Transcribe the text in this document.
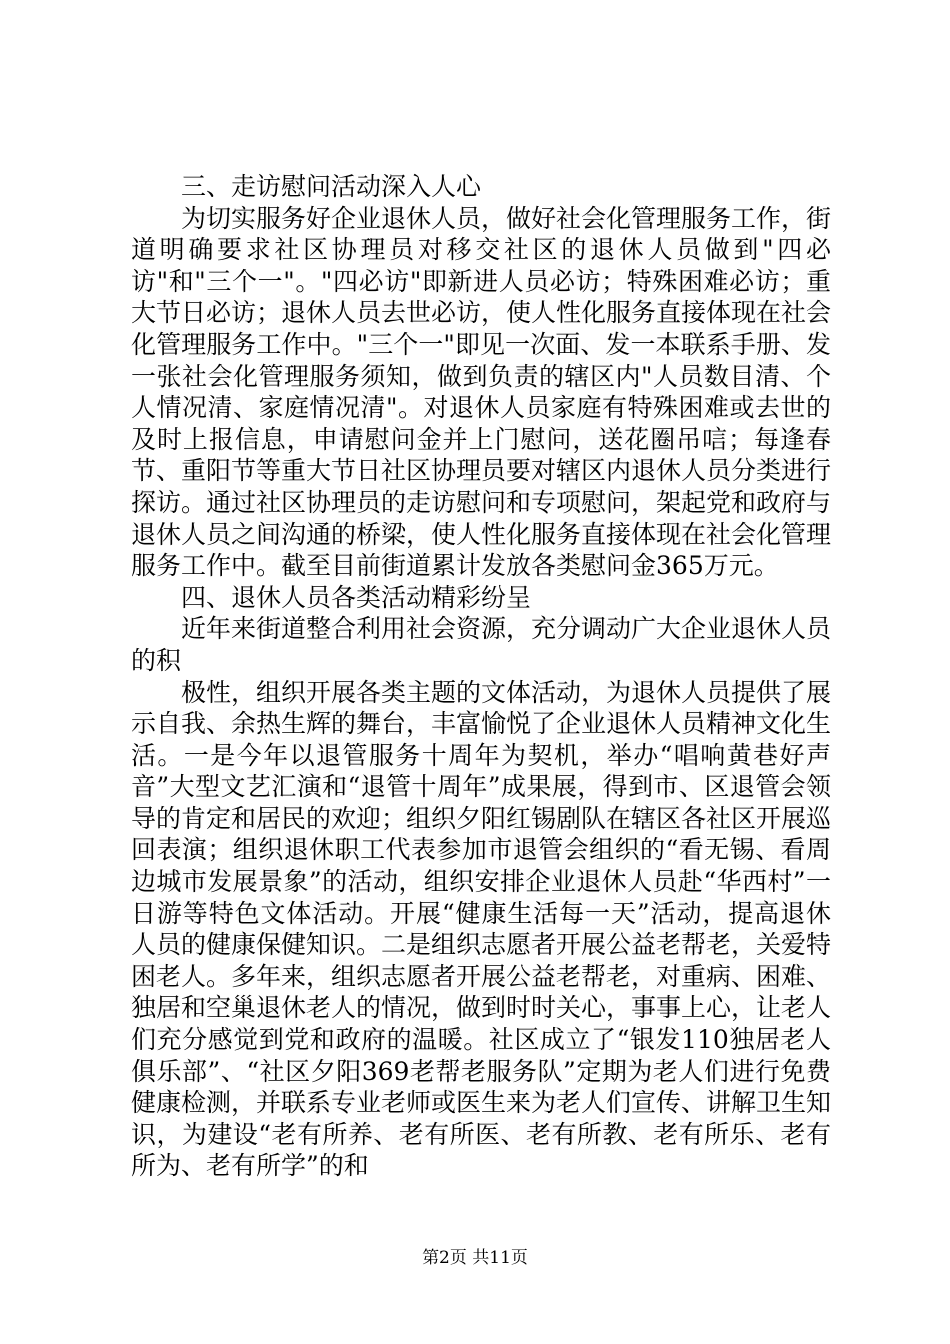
三、走访慰问活动深入人心

为切实服务好企业退休人员，做好社会化管理服务工作，街道明确要求社区协理员对移交社区的退休人员做到"四必访"和"三个一"。"四必访"即新进人员必访；特殊困难必访；重大节日必访；退休人员去世必访，使人性化服务直接体现在社会化管理服务工作中。"三个一"即见一次面、发一本联系手册、发一张社会化管理服务须知，做到负责的辖区内"人员数目清、个人情况清、家庭情况清"。对退休人员家庭有特殊困难或去世的及时上报信息，申请慰问金并上门慰问，送花圈吊唁；每逢春节、重阳节等重大节日社区协理员要对辖区内退休人员分类进行探访。通过社区协理员的走访慰问和专项慰问，架起党和政府与退休人员之间沟通的桥梁，使人性化服务直接体现在社会化管理服务工作中。截至目前街道累计发放各类慰问金365万元。

四、退休人员各类活动精彩纷呈

近年来街道整合利用社会资源，充分调动广大企业退休人员的积

极性，组织开展各类主题的文体活动，为退休人员提供了展示自我、余热生辉的舞台，丰富愉悦了企业退休人员精神文化生活。一是今年以退管服务十周年为契机，举办“唱响黄巷好声音”大型文艺汇演和“退管十周年”成果展，得到市、区退管会领导的肯定和居民的欢迎；组织夕阳红锡剧队在辖区各社区开展巡回表演；组织退休职工代表参加市退管会组织的“看无锡、看周边城市发展景象”的活动，组织安排企业退休人员赴“华西村”一日游等特色文体活动。开展“健康生活每一天”活动，提高退休人员的健康保健知识。二是组织志愿者开展公益老帮老，关爱特困老人。多年来，组织志愿者开展公益老帮老，对重病、困难、独居和空巢退休老人的情况，做到时时关心，事事上心，让老人们充分感觉到党和政府的温暖。社区成立了“银发110独居老人俱乐部”、“社区夕阳369老帮老服务队”定期为老人们进行免费健康检测，并联系专业老师或医生来为老人们宣传、讲解卫生知识，为建设“老有所养、老有所医、老有所教、老有所乐、老有所为、老有所学”的和

第2页 共11页
